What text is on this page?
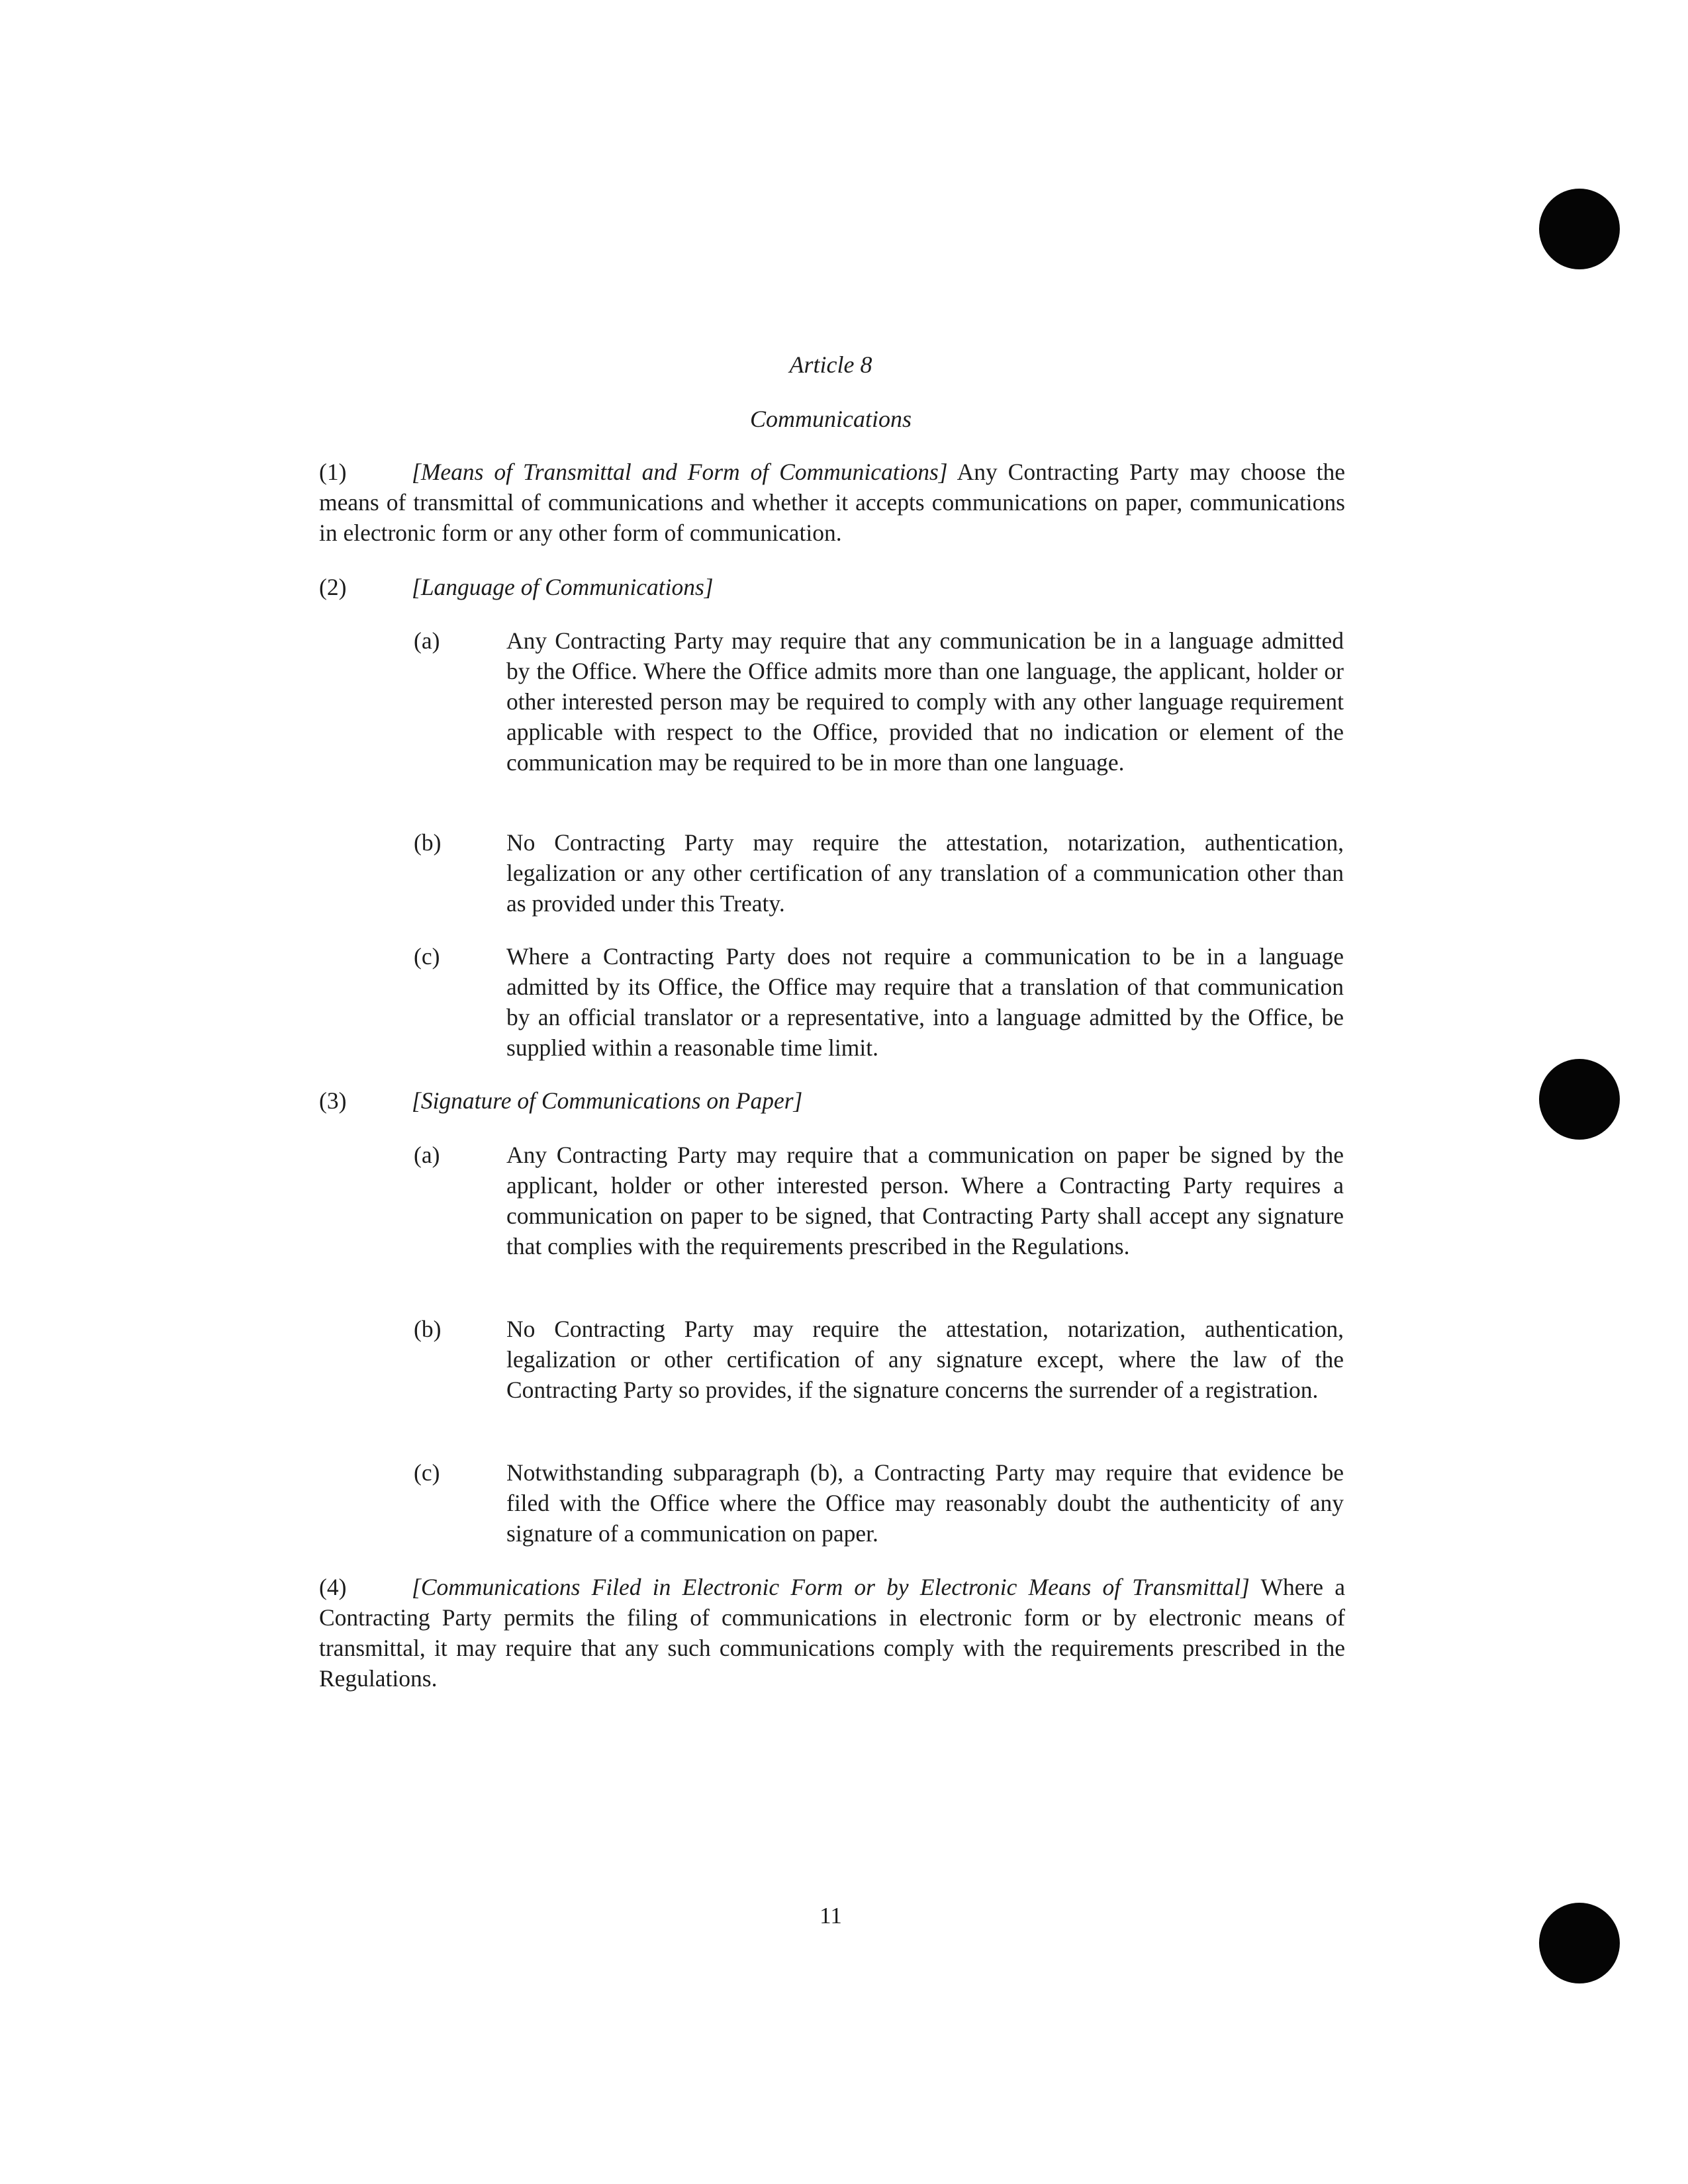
Article 8
Communications
(1)	[Means of Transmittal and Form of Communications] Any Contracting Party may choose the means of transmittal of communications and whether it accepts communications on paper, communications in electronic form or any other form of communication.
(2)	[Language of Communications]
(a)	Any Contracting Party may require that any communication be in a language admitted by the Office. Where the Office admits more than one language, the applicant, holder or other interested person may be required to comply with any other language requirement applicable with respect to the Office, provided that no indication or element of the communication may be required to be in more than one language.
(b)	No Contracting Party may require the attestation, notarization, authentication, legalization or any other certification of any translation of a communication other than as provided under this Treaty.
(c)	Where a Contracting Party does not require a communication to be in a language admitted by its Office, the Office may require that a translation of that communication by an official translator or a representative, into a language admitted by the Office, be supplied within a reasonable time limit.
(3)	[Signature of Communications on Paper]
(a)	Any Contracting Party may require that a communication on paper be signed by the applicant, holder or other interested person. Where a Contracting Party requires a communication on paper to be signed, that Contracting Party shall accept any signature that complies with the requirements prescribed in the Regulations.
(b)	No Contracting Party may require the attestation, notarization, authentication, legalization or other certification of any signature except, where the law of the Contracting Party so provides, if the signature concerns the surrender of a registration.
(c)	Notwithstanding subparagraph (b), a Contracting Party may require that evidence be filed with the Office where the Office may reasonably doubt the authenticity of any signature of a communication on paper.
(4)	[Communications Filed in Electronic Form or by Electronic Means of Transmittal] Where a Contracting Party permits the filing of communications in electronic form or by electronic means of transmittal, it may require that any such communications comply with the requirements prescribed in the Regulations.
11
